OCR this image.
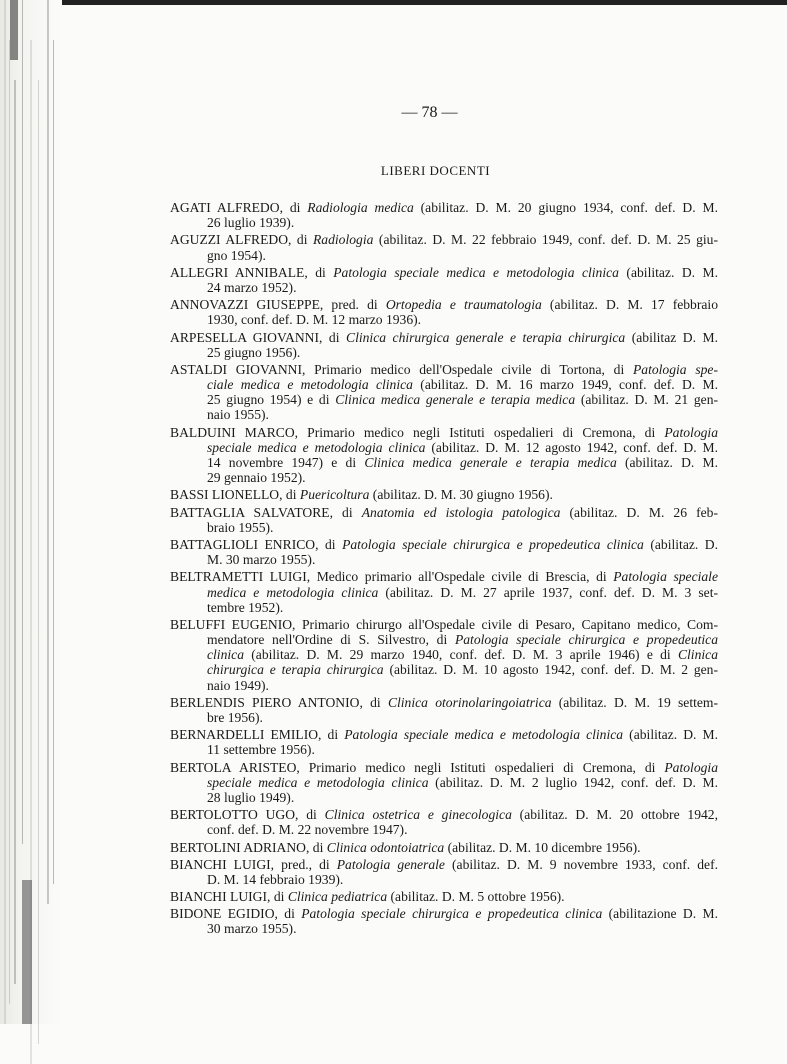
— 78 —
LIBERI DOCENTI
AGATI ALFREDO, di Radiologia medica (abilitaz. D. M. 20 giugno 1934, conf. def. D. M.
26 luglio 1939).
AGUZZI ALFREDO, di Radiologia (abilitaz. D. M. 22 febbraio 1949, conf. def. D. M. 25 giu-
gno 1954).
ALLEGRI ANNIBALE, di Patologia speciale medica e metodologia clinica (abilitaz. D. M.
24 marzo 1952).
ANNOVAZZI GIUSEPPE, pred. di Ortopedia e traumatologia (abilitaz. D. M. 17 febbraio
1930, conf. def. D. M. 12 marzo 1936).
ARPESELLA GIOVANNI, di Clinica chirurgica generale e terapia chirurgica (abilitaz D. M.
25 giugno 1956).
ASTALDI GIOVANNI, Primario medico dell'Ospedale civile di Tortona, di Patologia spe-
ciale medica e metodologia clinica (abilitaz. D. M. 16 marzo 1949, conf. def. D. M.
25 giugno 1954) e di Clinica medica generale e terapia medica (abilitaz. D. M. 21 gen-
naio 1955).
BALDUINI MARCO, Primario medico negli Istituti ospedalieri di Cremona, di Patologia
speciale medica e metodologia clinica (abilitaz. D. M. 12 agosto 1942, conf. def. D. M.
14 novembre 1947) e di Clinica medica generale e terapia medica (abilitaz. D. M.
29 gennaio 1952).
BASSI LIONELLO, di Puericoltura (abilitaz. D. M. 30 giugno 1956).
BATTAGLIA SALVATORE, di Anatomia ed istologia patologica (abilitaz. D. M. 26 feb-
braio 1955).
BATTAGLIOLI ENRICO, di Patologia speciale chirurgica e propedeutica clinica (abilitaz. D.
M. 30 marzo 1955).
BELTRAMETTI LUIGI, Medico primario all'Ospedale civile di Brescia, di Patologia speciale
medica e metodologia clinica (abilitaz. D. M. 27 aprile 1937, conf. def. D. M. 3 set-
tembre 1952).
BELUFFI EUGENIO, Primario chirurgo all'Ospedale civile di Pesaro, Capitano medico, Com-
mendatore nell'Ordine di S. Silvestro, di Patologia speciale chirurgica e propedeutica
clinica (abilitaz. D. M. 29 marzo 1940, conf. def. D. M. 3 aprile 1946) e di Clinica
chirurgica e terapia chirurgica (abilitaz. D. M. 10 agosto 1942, conf. def. D. M. 2 gen-
naio 1949).
BERLENDIS PIERO ANTONIO, di Clinica otorinolaringoiatrica (abilitaz. D. M. 19 settem-
bre 1956).
BERNARDELLI EMILIO, di Patologia speciale medica e metodologia clinica (abilitaz. D. M.
11 settembre 1956).
BERTOLA ARISTEO, Primario medico negli Istituti ospedalieri di Cremona, di Patologia
speciale medica e metodologia clinica (abilitaz. D. M. 2 luglio 1942, conf. def. D. M.
28 luglio 1949).
BERTOLOTTO UGO, di Clinica ostetrica e ginecologica (abilitaz. D. M. 20 ottobre 1942,
conf. def. D. M. 22 novembre 1947).
BERTOLINI ADRIANO, di Clinica odontoiatrica (abilitaz. D. M. 10 dicembre 1956).
BIANCHI LUIGI, pred., di Patologia generale (abilitaz. D. M. 9 novembre 1933, conf. def.
D. M. 14 febbraio 1939).
BIANCHI LUIGI, di Clinica pediatrica (abilitaz. D. M. 5 ottobre 1956).
BIDONE EGIDIO, di Patologia speciale chirurgica e propedeutica clinica (abilitazione D. M.
30 marzo 1955).
